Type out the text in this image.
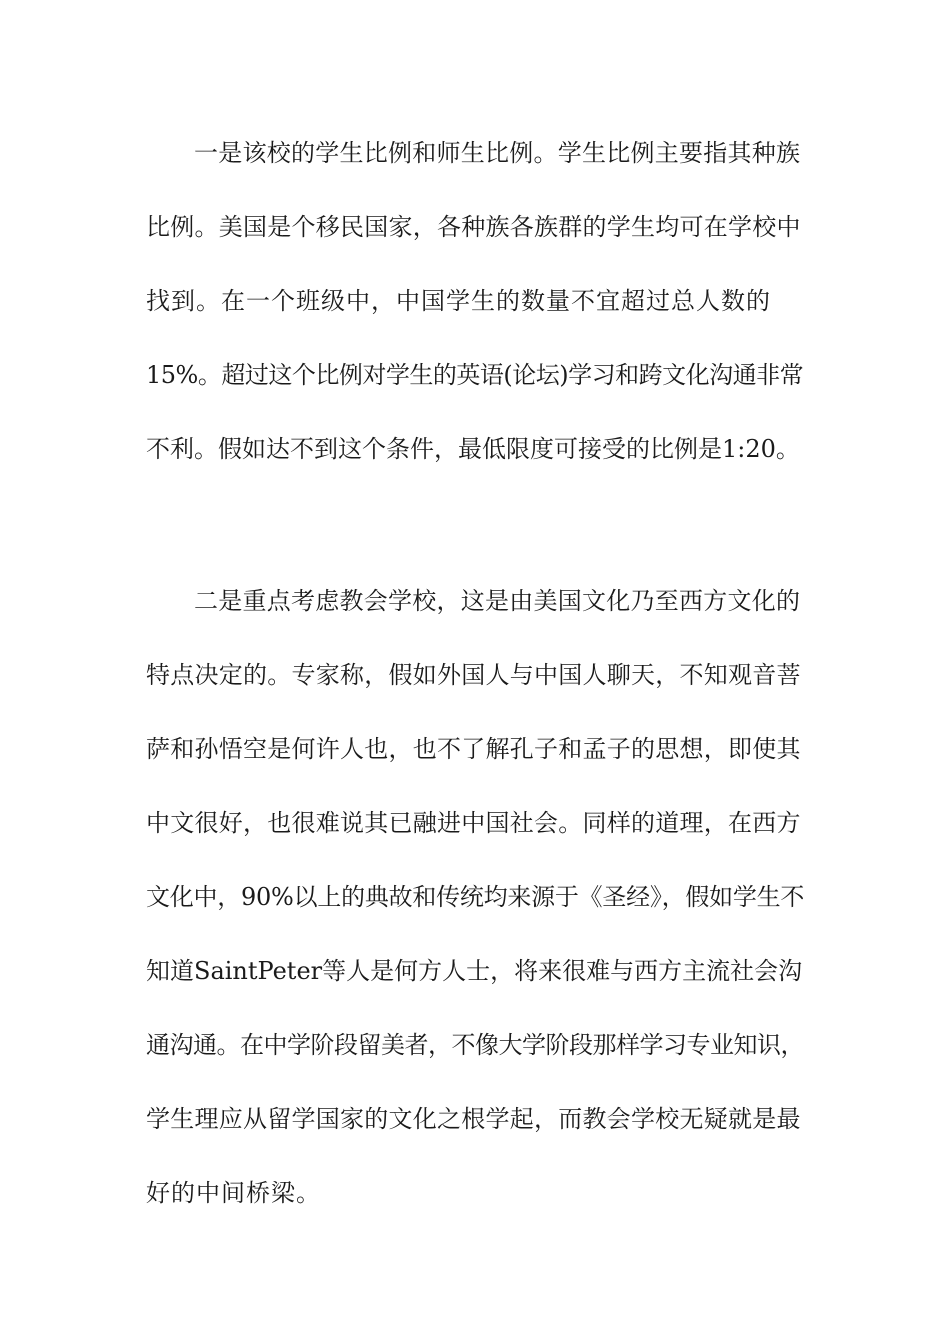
一是该校的学生比例和师生比例。学生比例主要指其种族
比例。美国是个移民国家，各种族各族群的学生均可在学校中
找到。在一个班级中，中国学生的数量不宜超过总人数的
15%。超过这个比例对学生的英语(论坛)学习和跨文化沟通非常
不利。假如达不到这个条件，最低限度可接受的比例是1:20。
二是重点考虑教会学校，这是由美国文化乃至西方文化的
特点决定的。专家称，假如外国人与中国人聊天，不知观音菩
萨和孙悟空是何许人也，也不了解孔子和孟子的思想，即使其
中文很好，也很难说其已融进中国社会。同样的道理，在西方
文化中，90%以上的典故和传统均来源于《圣经》，假如学生不
知道SaintPeter等人是何方人士，将来很难与西方主流社会沟
通沟通。在中学阶段留美者，不像大学阶段那样学习专业知识，
学生理应从留学国家的文化之根学起，而教会学校无疑就是最
好的中间桥梁。
